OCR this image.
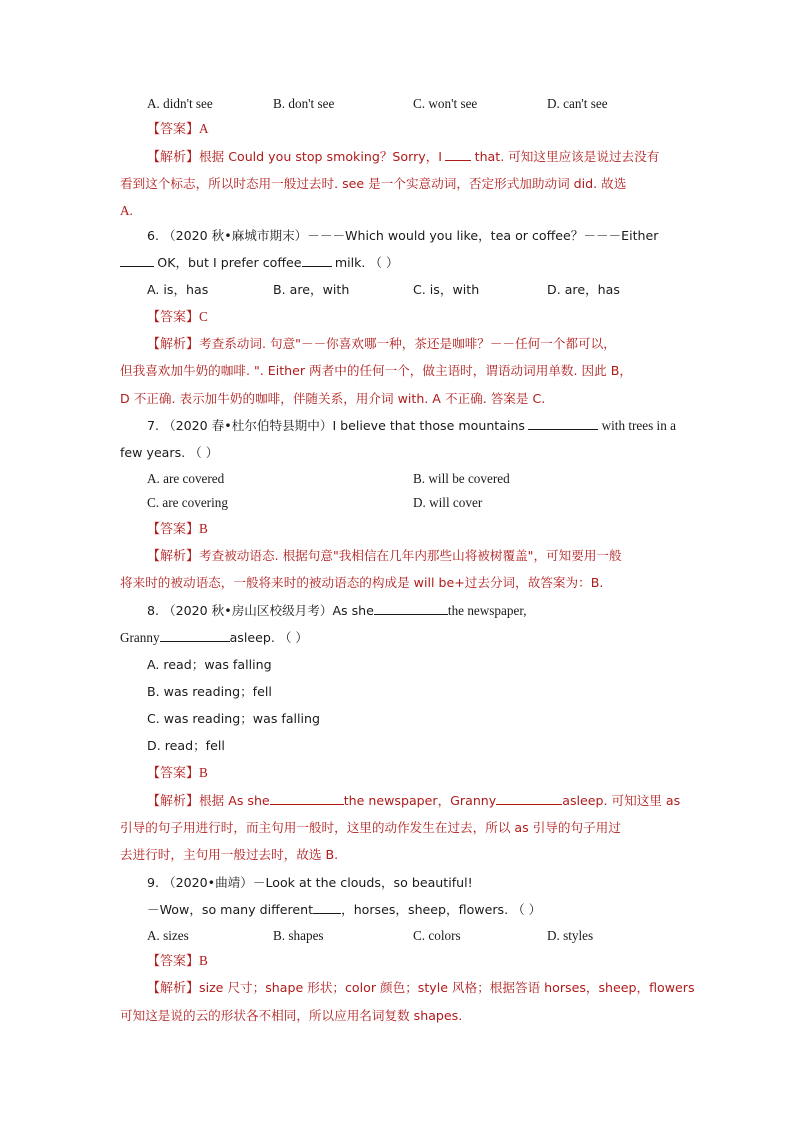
A. didn't see	B. don't see	C. won't see	D. can't see
【答案】A
【解析】根据 Could you stop smoking？Sorry，I	that. 可知这里应该是说过去没有
看到这个标志，所以时态用一般过去时. see 是一个实意动词，否定形式加助动词 did. 故选
A.
6. （2020 秋•麻城市期末）－－－Which would you like，tea or coffee？－－－Either
OK，but I prefer coffee	milk. （ ）
A. is，has	B. are，with	C. is，with	D. are，has
【答案】C
【解析】考查系动词. 句意"－－你喜欢哪一种，茶还是咖啡？－－任何一个都可以，
但我喜欢加牛奶的咖啡. ". Either 两者中的任何一个，做主语时，谓语动词用单数. 因此 B，
D 不正确. 表示加牛奶的咖啡，伴随关系，用介词 with. A 不正确. 答案是 C.
7. （2020 春•杜尔伯特县期中）I believe that those mountains	with trees in a
few years. （ ）
A. are covered	B. will be covered
C. are covering	D. will cover
【答案】B
【解析】考查被动语态. 根据句意"我相信在几年内那些山将被树覆盖"，可知要用一般
将来时的被动语态，一般将来时的被动语态的构成是 will be+过去分词，故答案为：B.
8. （2020 秋•房山区校级月考）As she	the newspaper,
Granny	asleep. （ ）
A. read；was falling
B. was reading；fell
C. was reading；was falling
D. read；fell
【答案】B
【解析】根据 As she	the newspaper，Granny	asleep. 可知这里 as
引导的句子用进行时，而主句用一般时，这里的动作发生在过去，所以 as 引导的句子用过
去进行时，主句用一般过去时，故选 B.
9. （2020•曲靖）－Look at the clouds，so beautiful!
－Wow，so many different ，horses，sheep，flowers. （ ）
A. sizes	B. shapes	C. colors	D. styles
【答案】B
【解析】size 尺寸；shape 形状；color 颜色；style 风格；根据答语 horses，sheep，flowers
可知这是说的云的形状各不相同，所以应用名词复数 shapes.
